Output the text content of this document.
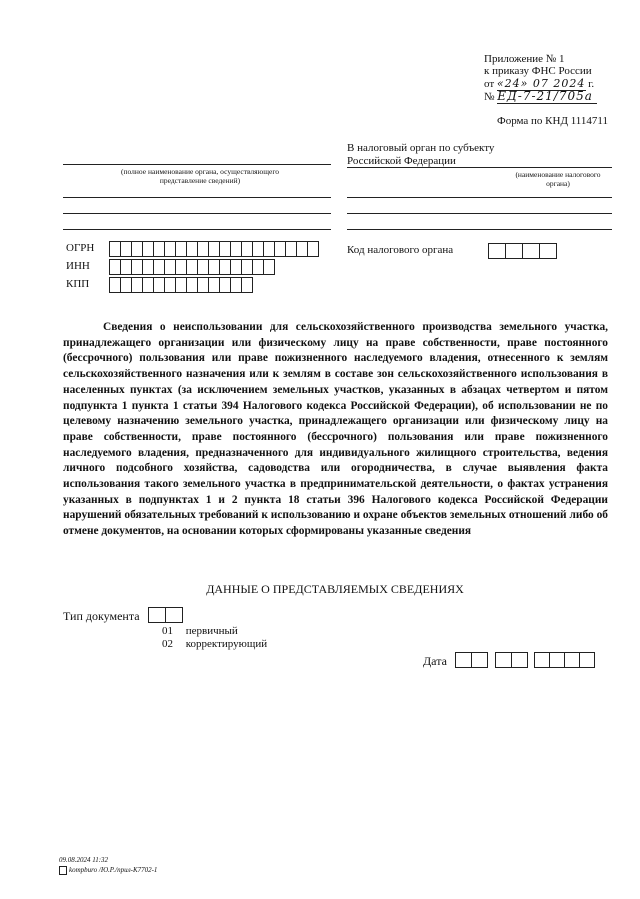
Приложение № 1
к приказу ФНС России
от «24» 07 2024 г.
№ ЕД-7-21/705а
Форма по КНД 1114711
В налоговый орган по субъекту
Российской Федерации
(наименование налогового органа)
(полное наименование органа, осуществляющего представление сведений)
ОГРН
ИНН
КПП
Код налогового органа
Сведения о неиспользовании для сельскохозяйственного производства земельного участка, принадлежащего организации или физическому лицу на праве собственности, праве постоянного (бессрочного) пользования или праве пожизненного наследуемого владения, отнесенного к землям сельскохозяйственного назначения или к землям в составе зон сельскохозяйственного использования в населенных пунктах (за исключением земельных участков, указанных в абзацах четвертом и пятом подпункта 1 пункта 1 статьи 394 Налогового кодекса Российской Федерации), об использовании не по целевому назначению земельного участка, принадлежащего организации или физическому лицу на праве собственности, праве постоянного (бессрочного) пользования или праве пожизненного наследуемого владения, предназначенного для индивидуального жилищного строительства, ведения личного подсобного хозяйства, садоводства или огородничества, в случае выявления факта использования такого земельного участка в предпринимательской деятельности, о фактах устранения указанных в подпунктах 1 и 2 пункта 18 статьи 396 Налогового кодекса Российской Федерации нарушений обязательных требований к использованию и охране объектов земельных отношений либо об отмене документов, на основании которых сформированы указанные сведения
ДАННЫЕ О ПРЕДСТАВЛЯЕМЫХ СВЕДЕНИЯХ
Тип документа
01 первичный
02 корректирующий
Дата
09.08.2024 11:32
kompburo /Ю.Р./прил-К7702-1
